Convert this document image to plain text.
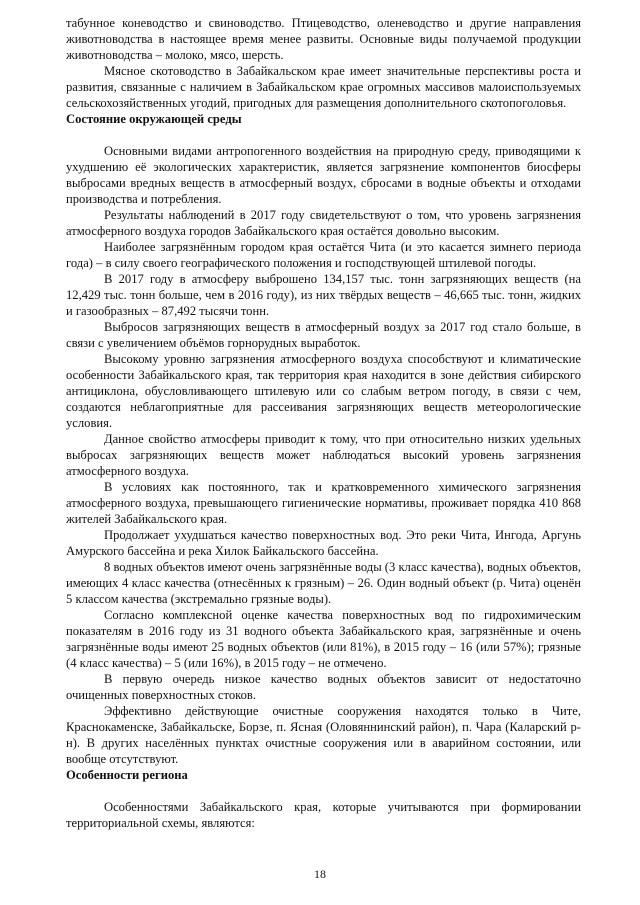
табунное коневодство и свиноводство. Птицеводство, оленеводство и другие направления животноводства в настоящее время менее развиты. Основные виды получаемой продукции животноводства – молоко, мясо, шерсть.

Мясное скотоводство в Забайкальском крае имеет значительные перспективы роста и развития, связанные с наличием в Забайкальском крае огромных массивов малоиспользуемых сельскохозяйственных угодий, пригодных для размещения дополнительного скотопоголовья.

Состояние окружающей среды

Основными видами антропогенного воздействия на природную среду, приводящими к ухудшению её экологических характеристик, является загрязнение компонентов биосферы выбросами вредных веществ в атмосферный воздух, сбросами в водные объекты и отходами производства и потребления.

Результаты наблюдений в 2017 году свидетельствуют о том, что уровень загрязнения атмосферного воздуха городов Забайкальского края остаётся довольно высоким.

Наиболее загрязнённым городом края остаётся Чита (и это касается зимнего периода года) – в силу своего географического положения и господствующей штилевой погоды.

В 2017 году в атмосферу выброшено 134,157 тыс. тонн загрязняющих веществ (на 12,429 тыс. тонн больше, чем в 2016 году), из них твёрдых веществ – 46,665 тыс. тонн, жидких и газообразных – 87,492 тысячи тонн.

Выбросов загрязняющих веществ в атмосферный воздух за 2017 год стало больше, в связи с увеличением объёмов горнорудных выработок.

Высокому уровню загрязнения атмосферного воздуха способствуют и климатические особенности Забайкальского края, так территория края находится в зоне действия сибирского антициклона, обусловливающего штилевую или со слабым ветром погоду, в связи с чем, создаются неблагоприятные для рассеивания загрязняющих веществ метеорологические условия.

Данное свойство атмосферы приводит к тому, что при относительно низких удельных выбросах загрязняющих веществ может наблюдаться высокий уровень загрязнения атмосферного воздуха.

В условиях как постоянного, так и кратковременного химического загрязнения атмосферного воздуха, превышающего гигиенические нормативы, проживает порядка 410 868 жителей Забайкальского края.

Продолжает ухудшаться качество поверхностных вод. Это реки Чита, Ингода, Аргунь Амурского бассейна и река Хилок Байкальского бассейна.

8 водных объектов имеют очень загрязнённые воды (3 класс качества), водных объектов, имеющих 4 класс качества (отнесённых к грязным) – 26. Один водный объект (р. Чита) оценён 5 классом качества (экстремально грязные воды).

Согласно комплексной оценке качества поверхностных вод по гидрохимическим показателям в 2016 году из 31 водного объекта Забайкальского края, загрязнённые и очень загрязнённые воды имеют 25 водных объектов (или 81%), в 2015 году – 16 (или 57%); грязные (4 класс качества) – 5 (или 16%), в 2015 году – не отмечено.

В первую очередь низкое качество водных объектов зависит от недостаточно очищенных поверхностных стоков.

Эффективно действующие очистные сооружения находятся только в Чите, Краснокаменске, Забайкальске, Борзе, п. Ясная (Оловяннинский район), п. Чара (Каларский р-н). В других населённых пунктах очистные сооружения или в аварийном состоянии, или вообще отсутствуют.

Особенности региона

Особенностями Забайкальского края, которые учитываются при формировании территориальной схемы, являются:

18
